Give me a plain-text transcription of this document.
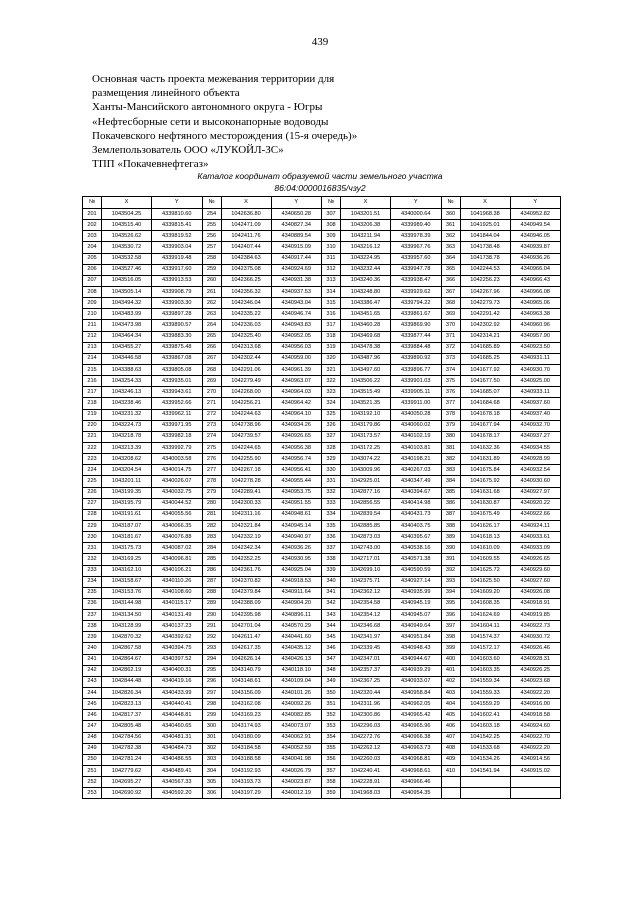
439
Основная часть проекта межевания территории для
размещения линейного объекта
Ханты-Мансийского автономного округа - Югры
«Нефтесборные сети и высоконапорные водоводы
Покачевского нефтяного месторождения (15-я очередь)»
Землепользователь ООО «ЛУКОЙЛ-ЗС»
ТПП «Покачевнефтегаз»
Каталог координат образуемой части земельного участка
86:04:0000016835/чзу2
№	X	Y	№	X	Y	№	X	Y	№	X	Y
201	1043504.25	4339810.60	254	1042636.80	4340650.28	307	1043201.51	4340000.64	360	1041968.38	4340952.82
202	1043515.40	4339815.41	255	1042471.09	4340827.34	308	1043206.38	4339989.40	361	1041925.01	4340949.54
203	1043526.62	4339819.52	256	1042411.76	4340889.54	309	1043211.94	4339978.39	362	1041844.04	4340946.05
204	1043530.72	4339903.04	257	1042407.44	4340915.09	310	1043216.12	4339967.76	363	1041738.48	4340939.87
205	1043532.58	4339919.48	258	1042384.63	4340917.44	311	1043224.95	4339957.60	364	1041738.78	4340936.26
206	1043527.46	4339917.60	259	1042375.08	4340924.69	312	1043232.44	4339947.78	365	1042244.53	4340966.04
207	1043516.05	4339913.53	260	1042366.25	4340931.38	313	1043240.36	4339938.47	366	1042256.23	4340966.43
208	1043505.14	4339908.79	261	1042356.32	4340937.53	314	1043248.80	4339929.62	367	1042267.96	4340966.08
209	1043494.32	4339903.30	262	1042346.04	4340943.04	315	1043386.47	4339794.22	368	1042279.73	4340965.06
210	1043483.99	4339897.28	263	1042335.22	4340946.74	316	1043451.65	4339861.67	369	1042291.42	4340963.38
211	1043473.98	4339890.57	264	1042336.03	4340943.83	317	1043460.28	4339869.90	370	1042302.92	4340960.96
212	1043464.34	4339883.30	265	1042325.40	4340952.05	318	1043469.68	4339877.44	371	1042314.21	4340957.90
213	1043455.27	4339875.48	266	1042313.68	4340956.03	319	1043478.38	4339884.48	372	1041685.89	4340923.50
214	1043446.58	4339867.08	267	1042302.44	4340959.00	320	1043487.96	4339890.92	373	1041685.25	4340931.11
215	1043388.63	4339805.08	268	1042291.06	4340961.39	321	1043497.60	4339896.77	374	1041677.92	4340930.70
216	1043254.33	4339935.01	269	1042279.49	4340963.07	322	1043506.22	4339901.03	375	1041677.50	4340925.00
217	1043246.13	4339943.61	270	1042268.00	4340964.03	323	1043515.49	4339905.11	376	1041685.07	4340933.11
218	1043238.46	4339952.66	271	1042256.21	4340964.42	324	1043521.35	4339911.00	377	1041684.68	4340937.60
219	1043231.32	4339962.11	272	1042244.63	4340964.10	325	1043192.10	4340050.28	378	1041678.18	4340937.40
220	1043224.73	4339971.95	273	1042738.96	4340934.26	326	1043179.86	4340060.02	379	1041677.94	4340932.70
221	1043218.78	4339982.18	274	1042739.57	4340926.65	327	1043173.57	4340102.19	380	1041678.17	4340937.27
222	1043213.39	4339992.79	275	1042244.65	4340956.38	328	1043172.25	4340103.81	381	1041632.36	4340934.55
223	1043208.62	4340003.58	276	1042255.90	4340956.74	329	1043074.22	4340198.21	382	1041631.89	4340928.99
224	1043204.54	4340014.75	277	1042267.18	4340956.41	330	1043009.96	4340267.03	383	1041675.84	4340932.54
225	1043201.11	4340026.07	278	1042278.28	4340955.44	331	1042925.01	4340347.49	384	1041675.92	4340930.60
226	1043199.35	4340032.75	279	1042289.41	4340953.75	332	1042877.16	4340394.67	385	1041631.68	4340927.97
227	1043195.79	4340044.52	280	1042300.33	4340951.55	333	1042856.55	4340414.98	386	1041630.87	4340920.22
228	1043191.61	4340055.56	281	1042311.16	4340948.61	334	1042839.54	4340431.73	387	1041675.49	4340922.66
229	1043187.07	4340066.35	282	1042321.84	4340945.14	335	1042885.85	4340403.75	388	1041626.17	4340924.11
230	1043181.67	4340076.88	283	1042332.19	4340940.97	336	1042873.03	4340395.67	389	1041618.13	4340933.61
231	1043175.73	4340087.02	284	1042342.34	4340936.26	337	1042743.00	4340538.16	390	1041610.09	4340933.09
232	1043169.25	4340096.81	285	1042352.25	4340930.95	338	1042717.01	4340571.38	391	1041609.55	4340926.65
233	1043162.10	4340106.21	286	1042361.76	4340925.04	339	1042699.10	4340590.59	392	1041625.72	4340929.60
234	1043158.67	4340110.26	287	1042370.82	4340918.53	340	1042375.71	4340927.14	393	1041625.50	4340927.60
235	1043153.76	4340108.60	288	1042379.84	4340911.64	341	1042362.12	4340935.99	394	1041609.20	4340926.08
236	1043144.98	4340115.17	289	1042388.09	4340904.20	342	1042354.58	4340945.19	395	1041608.35	4340918.91
237	1043134.50	4340131.49	290	1042395.98	4340896.11	343	1042354.12	4340945.07	396	1041624.69	4340919.85
238	1043128.99	4340137.23	291	1042701.04	4340570.29	344	1042346.68	4340949.64	397	1041604.11	4340922.73
239	1042870.32	4340392.62	292	1042611.47	4340441.60	345	1042341.97	4340951.84	398	1041574.37	4340930.72
240	1042867.58	4340394.75	293	1042617.35	4340435.12	346	1042339.45	4340948.43	399	1041572.17	4340926.46
241	1042864.67	4340397.52	294	1042626.14	4340426.13	347	1042347.01	4340944.67	400	1041603.60	4340928.31
242	1042862.19	4340400.31	295	1043140.79	4340118.10	348	1042357.37	4340939.29	401	1041603.35	4340926.25
243	1042844.48	4340419.16	296	1043148.61	4340109.04	349	1042367.25	4340933.07	402	1041559.34	4340923.68
244	1042826.34	4340433.99	297	1043156.09	4340101.26	350	1042320.44	4340958.84	403	1041559.33	4340922.20
245	1042823.13	4340440.41	298	1043162.08	4340092.26	351	1042311.96	4340962.05	404	1041559.29	4340916.00
246	1042817.37	4340448.81	299	1043169.23	4340082.85	352	1042300.86	4340965.42	405	1041602.41	4340918.58
247	1042805.48	4340460.65	300	1043174.93	4340073.07	353	1042296.03	4340965.96	406	1041603.18	4340924.60
248	1042784.56	4340481.31	301	1043180.09	4340062.91	354	1042272.76	4340966.38	407	1041542.25	4340922.70
249	1042782.38	4340484.73	302	1043184.58	4340052.59	355	1042262.12	4340963.73	408	1041533.68	4340922.20
250	1042781.24	4340486.55	303	1043188.58	4340041.98	356	1042260.03	4340968.81	409	1041534.26	4340914.56
251	1042779.62	4340489.41	304	1043192.93	4340026.79	357	1042240.41	4340968.61	410	1041541.94	4340915.02
252	1042695.27	4340567.33	305	1043193.73	4340023.87	358	1042228.91	4340966.46			
253	1042690.92	4340592.20	306	1043197.29	4340012.19	359	1041968.03	4340954.35			
